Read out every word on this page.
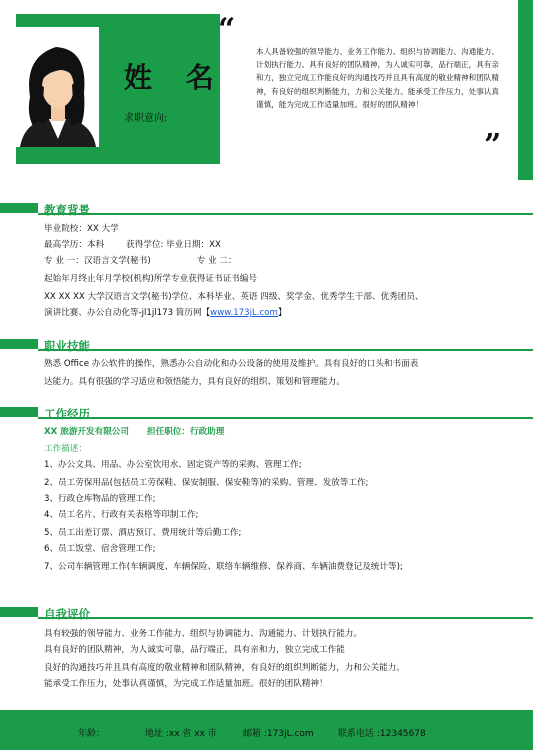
姓 名
求职意向:
“
本人具备较强的领导能力、业务工作能力、组织与协调能力、沟通能力、计划执行能力。具有良好的团队精神，为人诚实可靠，品行端正，具有亲和力，独立完成工作能良好的沟通技巧并且具有高度的敬业精神和团队精神，有良好的组织判断能力，力和公关能力。能承受工作压力，处事认真谨慎，能为完成工作适量加班。很好的团队精神！
”
教育背景
毕业院校：XX 大学
最高学历：本科	获得学位: 毕业日期：XX
专 业 一：汉语言文学(秘书)	专 业 二：
起始年月终止年月学校(机构)所学专业获得证书证书编号
XX XX XX 大学汉语言文学(秘书)学位、本科毕业、英语 四级、奖学金、优秀学生干部、优秀团员、
演讲比赛、办公自动化等-jl1jl173 简历网【www.173jL.com】
职业技能
熟悉 Office 办公软件的操作，熟悉办公自动化和办公设备的使用及维护。具有良好的口头和书面表
达能力。具有很强的学习适应和领悟能力，具有良好的组织、策划和管理能力。
工作经历
XX 旅游开发有限公司 担任职位：行政助理
工作描述：
1、办公文具、用品、办公室饮用水、固定资产等的采购、管理工作;
2、员工劳保用品(包括员工劳保鞋、保安制服、保安鞋等)的采购、管理、发放等工作;
3、行政仓库物品的管理工作;
4、员工名片、行政有关表格等印制工作;
5、员工出差订票、酒店预订、费用统计等后勤工作;
6、员工饭堂、宿舍管理工作;
7、公司车辆管理工作(车辆调度、车辆保险、联络车辆维修、保养商、车辆油费登记及统计等);
自我评价
具有较强的领导能力、业务工作能力、组织与协调能力、沟通能力、计划执行能力。
具有良好的团队精神，为人诚实可靠，品行端正，具有亲和力，独立完成工作能
良好的沟通技巧并且具有高度的敬业精神和团队精神，有良好的组织判断能力，力和公关能力。
能承受工作压力，处事认真谨慎，为完成工作适量加班。很好的团队精神！
年龄：	地址 :xx 省 xx 市	邮箱 :173jL.com	联系电话 :12345678
